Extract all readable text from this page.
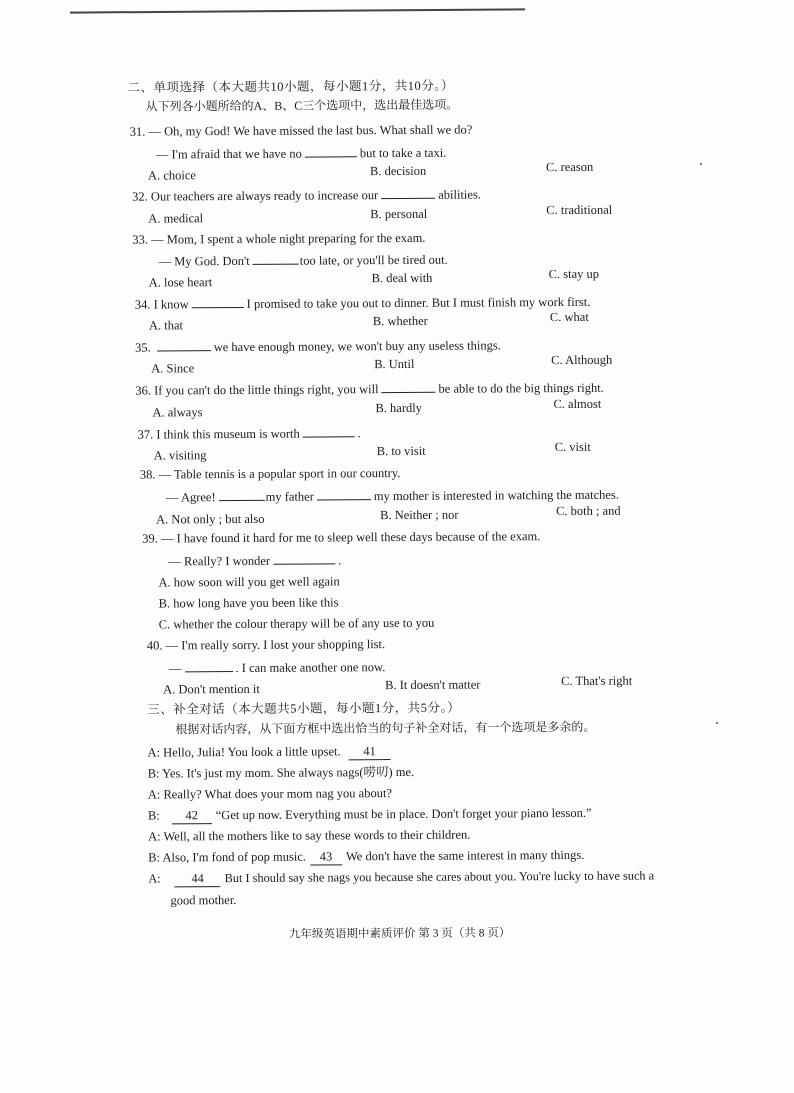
二、单项选择（本大题共10小题，每小题1分，共10分。）
从下列各小题所给的A、B、C三个选项中，选出最佳选项。
31. — Oh, my God! We have missed the last bus. What shall we do?
— I'm afraid that we have no	but to take a taxi.
A. choice	B. decision	C. reason
32. Our teachers are always ready to increase our	abilities.
A. medical	B. personal	C. traditional
33. — Mom, I spent a whole night preparing for the exam.
— My God. Don't	too late, or you'll be tired out.
A. lose heart	B. deal with	C. stay up
34. I know	I promised to take you out to dinner. But I must finish my work first.
A. that	B. whether	C. what
35.	we have enough money, we won't buy any useless things.
A. Since	B. Until	C. Although
36. If you can't do the little things right, you will	be able to do the big things right.
A. always	B. hardly	C. almost
37. I think this museum is worth	.
A. visiting	B. to visit	C. visit
38. — Table tennis is a popular sport in our country.
— Agree!	my father	my mother is interested in watching the matches.
A. Not only ; but also	B. Neither ; nor	C. both ; and
39. — I have found it hard for me to sleep well these days because of the exam.
— Really? I wonder	.
A. how soon will you get well again
B. how long have you been like this
C. whether the colour therapy will be of any use to you
40. — I'm really sorry. I lost your shopping list.
—	. I can make another one now.
A. Don't mention it	B. It doesn't matter	C. That's right
三、补全对话（本大题共5小题，每小题1分，共5分。）
根据对话内容，从下面方框中选出恰当的句子补全对话，有一个选项是多余的。
A: Hello, Julia! You look a little upset. 41
B: Yes. It's just my mom. She always nags(唠叨) me.
A: Really? What does your mom nag you about?
B: 42 “Get up now. Everything must be in place. Don't forget your piano lesson.”
A: Well, all the mothers like to say these words to their children.
B: Also, I'm fond of pop music. 43 We don't have the same interest in many things.
A:	44 But I should say she nags you because she cares about you. You're lucky to have such a
good mother.
九年级英语期中素质评价 第 3 页（共 8 页）
